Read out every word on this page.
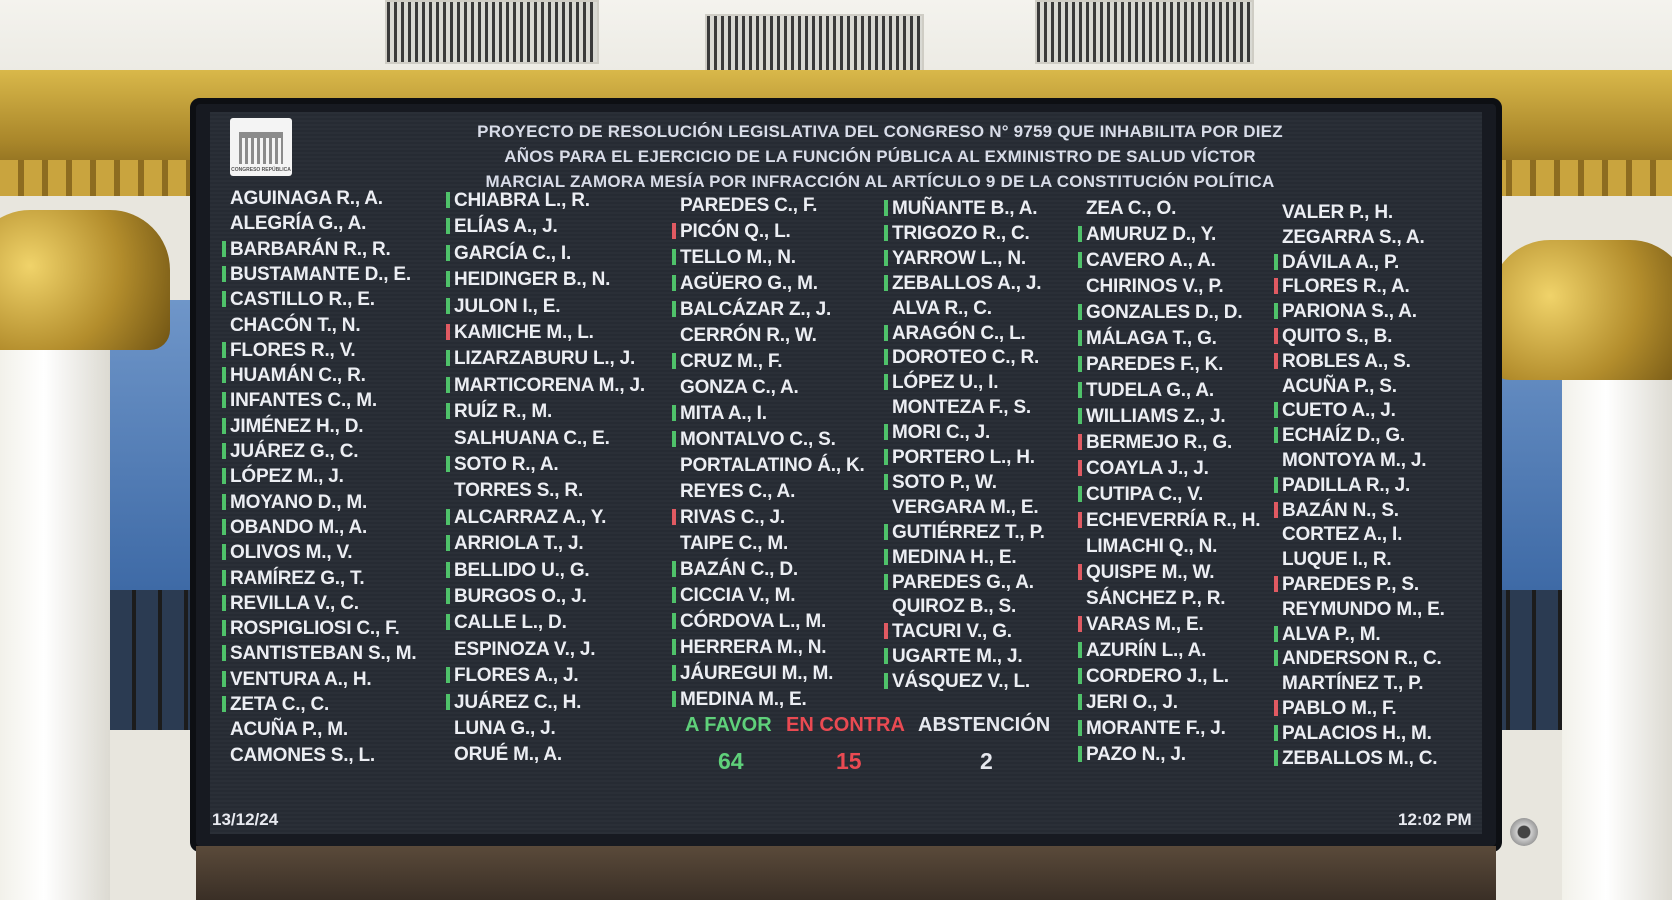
CONGRESO REPÚBLICA
PROYECTO DE RESOLUCIÓN LEGISLATIVA DEL CONGRESO N° 9759 QUE INHABILITA POR DIEZ
AÑOS PARA EL EJERCICIO DE LA FUNCIÓN PÚBLICA AL EXMINISTRO DE SALUD VÍCTOR
MARCIAL ZAMORA MESÍA POR INFRACCIÓN AL ARTÍCULO 9 DE LA CONSTITUCIÓN POLÍTICA
AGUINAGA R., A.
ALEGRÍA G., A.
BARBARÁN R., R.
BUSTAMANTE D., E.
CASTILLO R., E.
CHACÓN T., N.
FLORES R., V.
HUAMÁN C., R.
INFANTES C., M.
JIMÉNEZ H., D.
JUÁREZ G., C.
LÓPEZ M., J.
MOYANO D., M.
OBANDO M., A.
OLIVOS M., V.
RAMÍREZ G., T.
REVILLA V., C.
ROSPIGLIOSI C., F.
SANTISTEBAN S., M.
VENTURA A., H.
ZETA C., C.
ACUÑA P., M.
CAMONES S., L.
CHIABRA L., R.
ELÍAS A., J.
GARCÍA C., I.
HEIDINGER B., N.
JULON I., E.
KAMICHE M., L.
LIZARZABURU L., J.
MARTICORENA M., J.
RUÍZ R., M.
SALHUANA C., E.
SOTO R., A.
TORRES S., R.
ALCARRAZ A., Y.
ARRIOLA T., J.
BELLIDO U., G.
BURGOS O., J.
CALLE L., D.
ESPINOZA V., J.
FLORES A., J.
JUÁREZ C., H.
LUNA G., J.
ORUÉ M., A.
PAREDES C., F.
PICÓN Q., L.
TELLO M., N.
AGÜERO G., M.
BALCÁZAR Z., J.
CERRÓN R., W.
CRUZ M., F.
GONZA C., A.
MITA A., I.
MONTALVO C., S.
PORTALATINO Á., K.
REYES C., A.
RIVAS C., J.
TAIPE C., M.
BAZÁN C., D.
CICCIA V., M.
CÓRDOVA L., M.
HERRERA M., N.
JÁUREGUI M., M.
MEDINA M., E.
MUÑANTE B., A.
TRIGOZO R., C.
YARROW L., N.
ZEBALLOS A., J.
ALVA R., C.
ARAGÓN C., L.
DOROTEO C., R.
LÓPEZ U., I.
MONTEZA F., S.
MORI C., J.
PORTERO L., H.
SOTO P., W.
VERGARA M., E.
GUTIÉRREZ T., P.
MEDINA H., E.
PAREDES G., A.
QUIROZ B., S.
TACURI V., G.
UGARTE M., J.
VÁSQUEZ V., L.
ZEA C., O.
AMURUZ D., Y.
CAVERO A., A.
CHIRINOS V., P.
GONZALES D., D.
MÁLAGA T., G.
PAREDES F., K.
TUDELA G., A.
WILLIAMS Z., J.
BERMEJO R., G.
COAYLA J., J.
CUTIPA C., V.
ECHEVERRÍA R., H.
LIMACHI Q., N.
QUISPE M., W.
SÁNCHEZ P., R.
VARAS M., E.
AZURÍN L., A.
CORDERO J., L.
JERI O., J.
MORANTE F., J.
PAZO N., J.
VALER P., H.
ZEGARRA S., A.
DÁVILA A., P.
FLORES R., A.
PARIONA S., A.
QUITO S., B.
ROBLES A., S.
ACUÑA P., S.
CUETO A., J.
ECHAÍZ D., G.
MONTOYA M., J.
PADILLA R., J.
BAZÁN N., S.
CORTEZ A., I.
LUQUE I., R.
PAREDES P., S.
REYMUNDO M., E.
ALVA P., M.
ANDERSON R., C.
MARTÍNEZ T., P.
PABLO M., F.
PALACIOS H., M.
ZEBALLOS M., C.
A FAVOR EN CONTRA ABSTENCIÓN
64	15	2
13/12/24	12:02 PM
